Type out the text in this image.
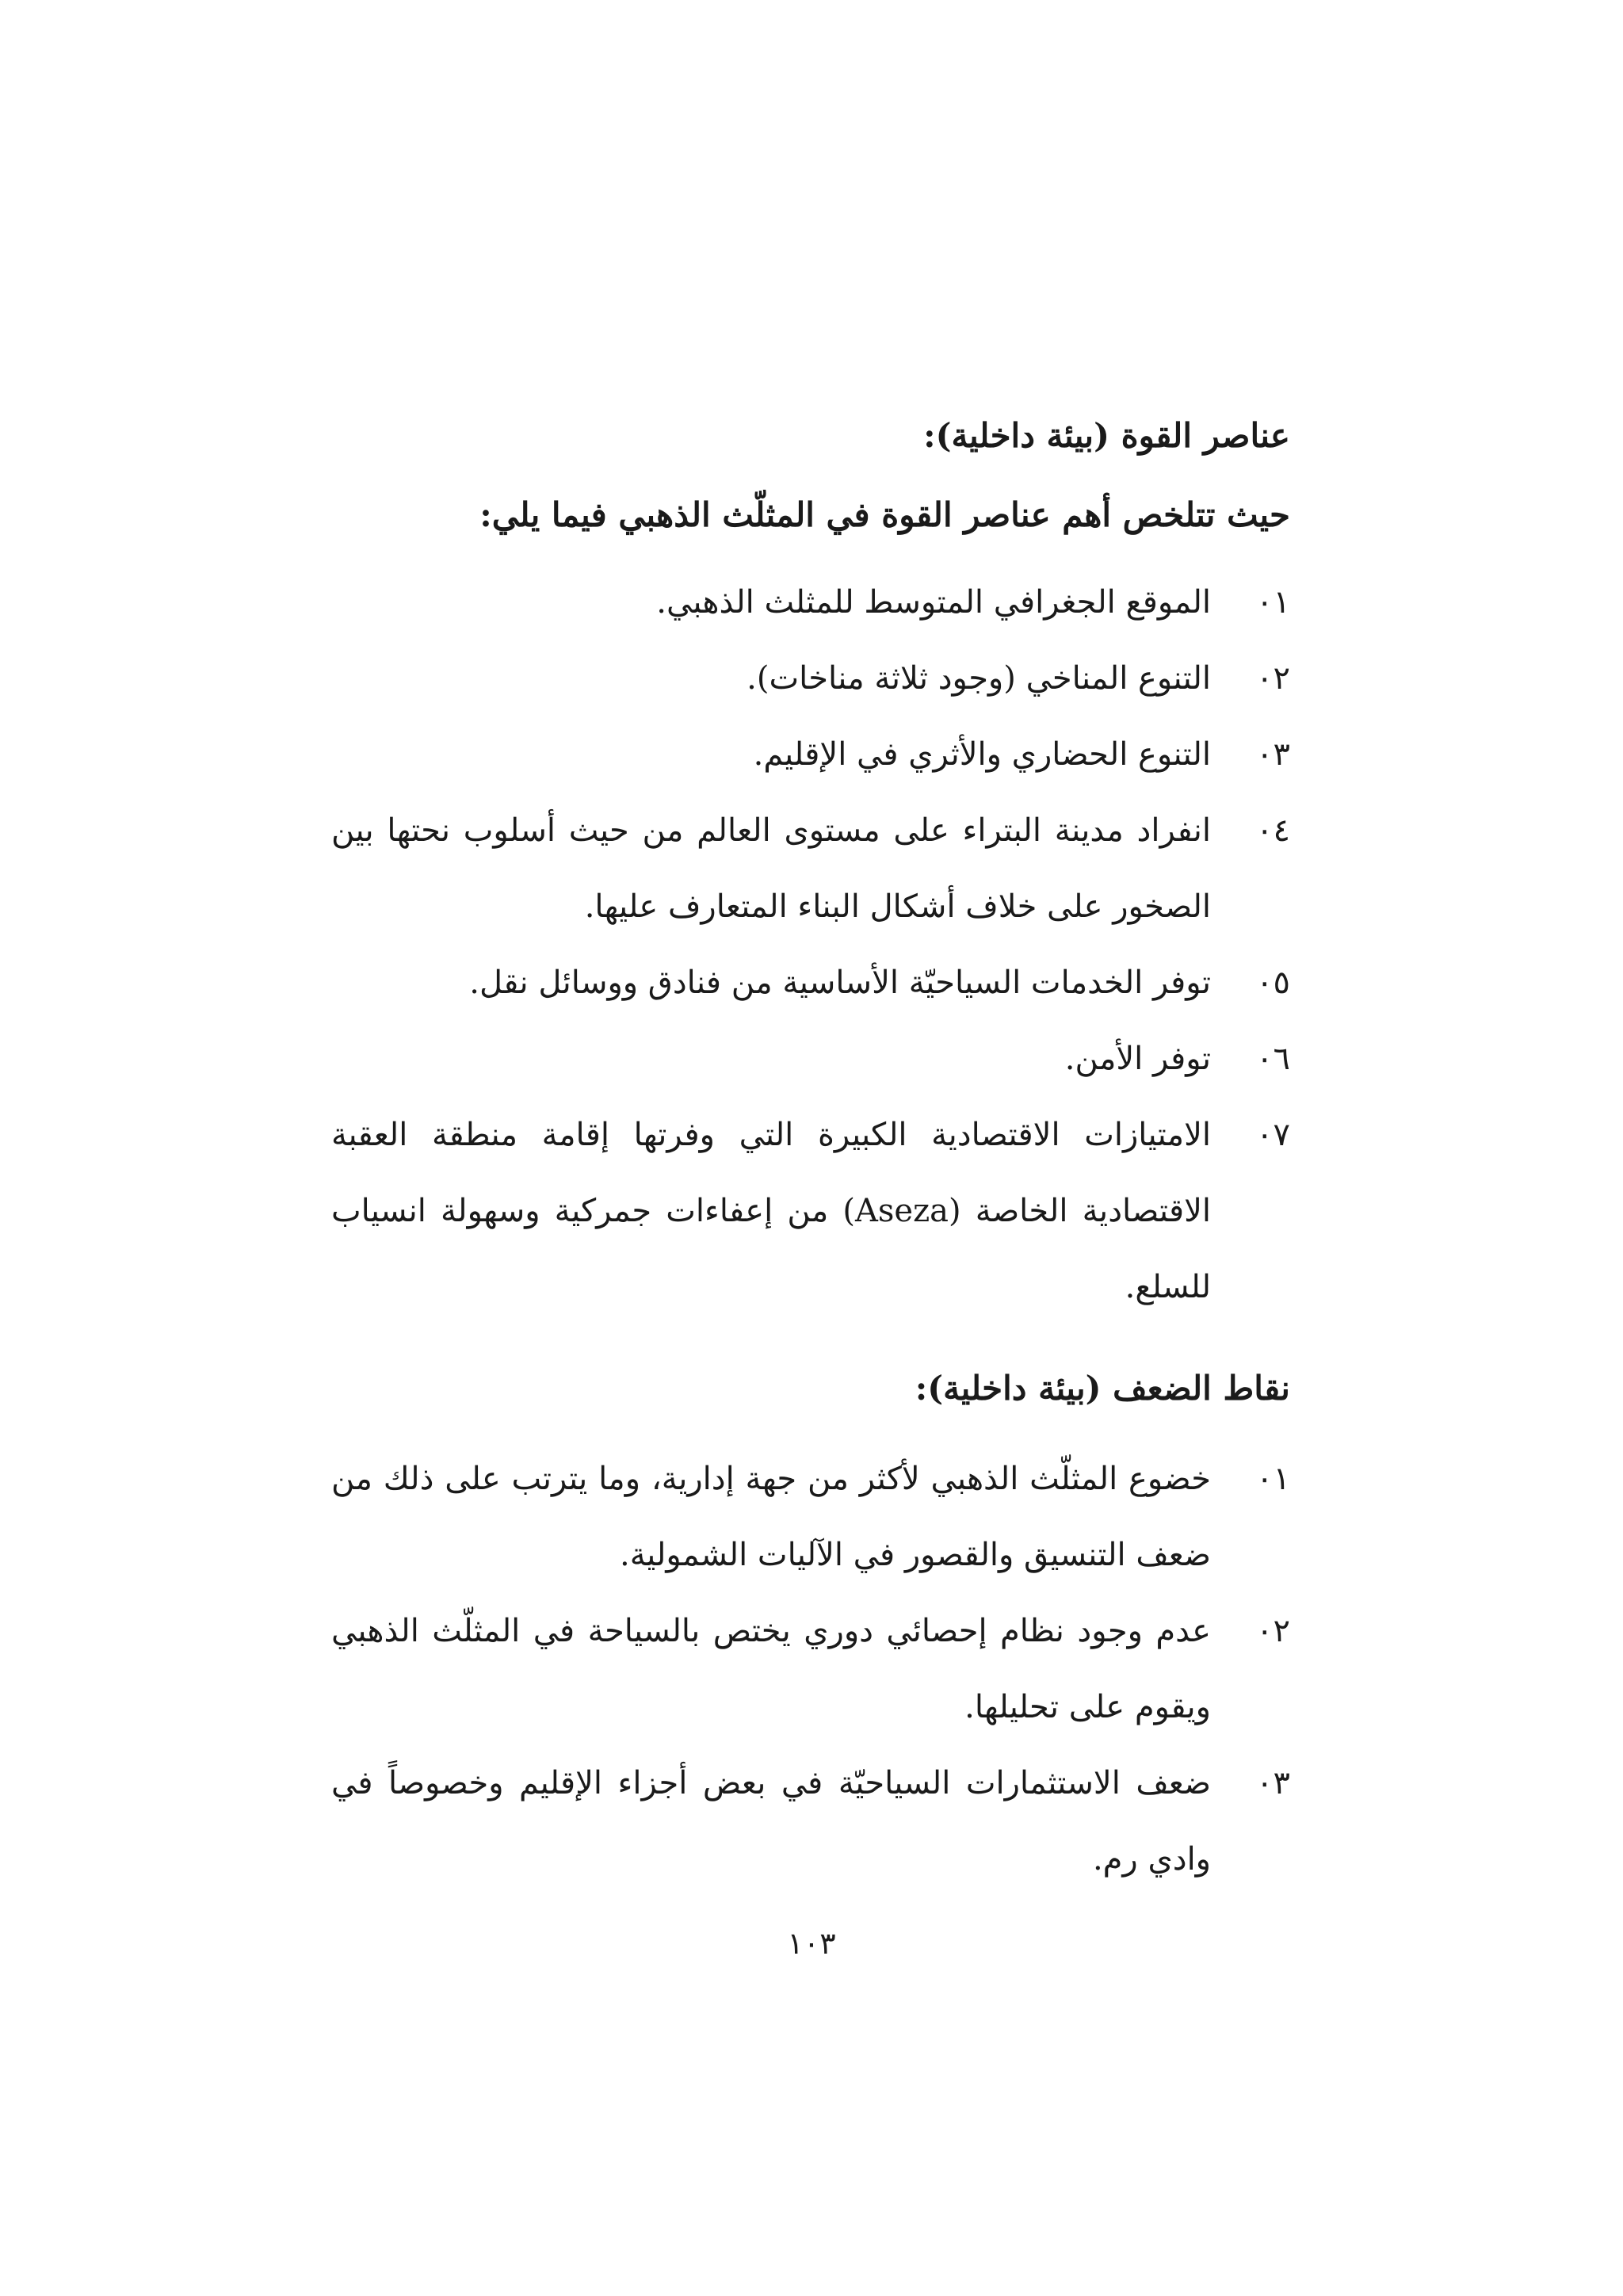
عناصر القوة (بيئة داخلية):
حيث تتلخص أهم عناصر القوة في المثلّث الذهبي فيما يلي:
٠١
الموقع الجغرافي المتوسط للمثلث الذهبي.
٠٢
التنوع المناخي (وجود ثلاثة مناخات).
٠٣
التنوع الحضاري والأثري في الإقليم.
٠٤
انفراد مدينة البتراء على مستوى العالم من حيث أسلوب نحتها بين الصخور على خلاف أشكال البناء المتعارف عليها.
٠٥
توفر الخدمات السياحيّة الأساسية من فنادق ووسائل نقل.
٠٦
توفر الأمن.
٠٧
الامتيازات الاقتصادية الكبيرة التي وفرتها إقامة منطقة العقبة الاقتصادية الخاصة (Aseza) من إعفاءات جمركية وسهولة انسياب للسلع.
نقاط الضعف (بيئة داخلية):
٠١
خضوع المثلّث الذهبي لأكثر من جهة إدارية، وما يترتب على ذلك من ضعف التنسيق والقصور في الآليات الشمولية.
٠٢
عدم وجود نظام إحصائي دوري يختص بالسياحة في المثلّث الذهبي ويقوم على تحليلها.
٠٣
ضعف الاستثمارات السياحيّة في بعض أجزاء الإقليم وخصوصاً في وادي رم.
١٠٣
